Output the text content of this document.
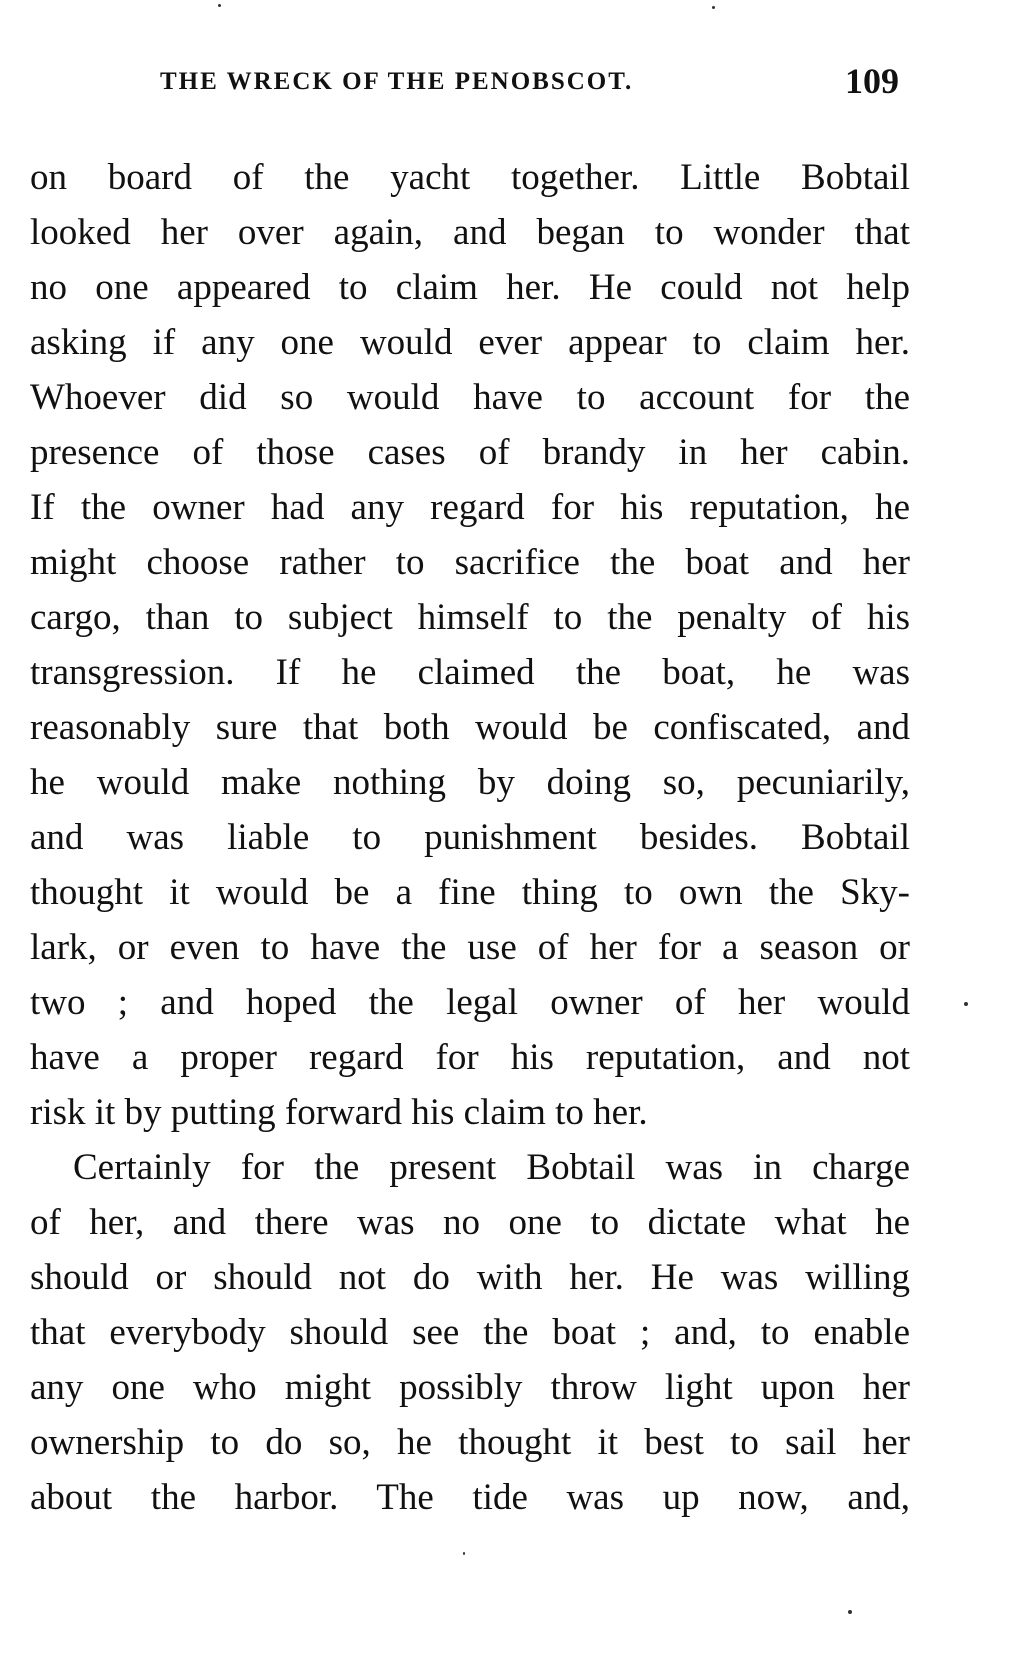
THE WRECK OF THE PENOBSCOT.	109
on board of the yacht together. Little Bobtail
looked her over again, and began to wonder that
no one appeared to claim her. He could not help
asking if any one would ever appear to claim her.
Whoever did so would have to account for the
presence of those cases of brandy in her cabin.
If the owner had any regard for his reputation, he
might choose rather to sacrifice the boat and her
cargo, than to subject himself to the penalty of his
transgression. If he claimed the boat, he was
reasonably sure that both would be confiscated, and
he would make nothing by doing so, pecuniarily,
and was liable to punishment besides. Bobtail
thought it would be a fine thing to own the Sky-
lark, or even to have the use of her for a season or
two ; and hoped the legal owner of her would
have a proper regard for his reputation, and not
risk it by putting forward his claim to her.
Certainly for the present Bobtail was in charge
of her, and there was no one to dictate what he
should or should not do with her. He was willing
that everybody should see the boat ; and, to enable
any one who might possibly throw light upon her
ownership to do so, he thought it best to sail her
about the harbor. The tide was up now, and,
